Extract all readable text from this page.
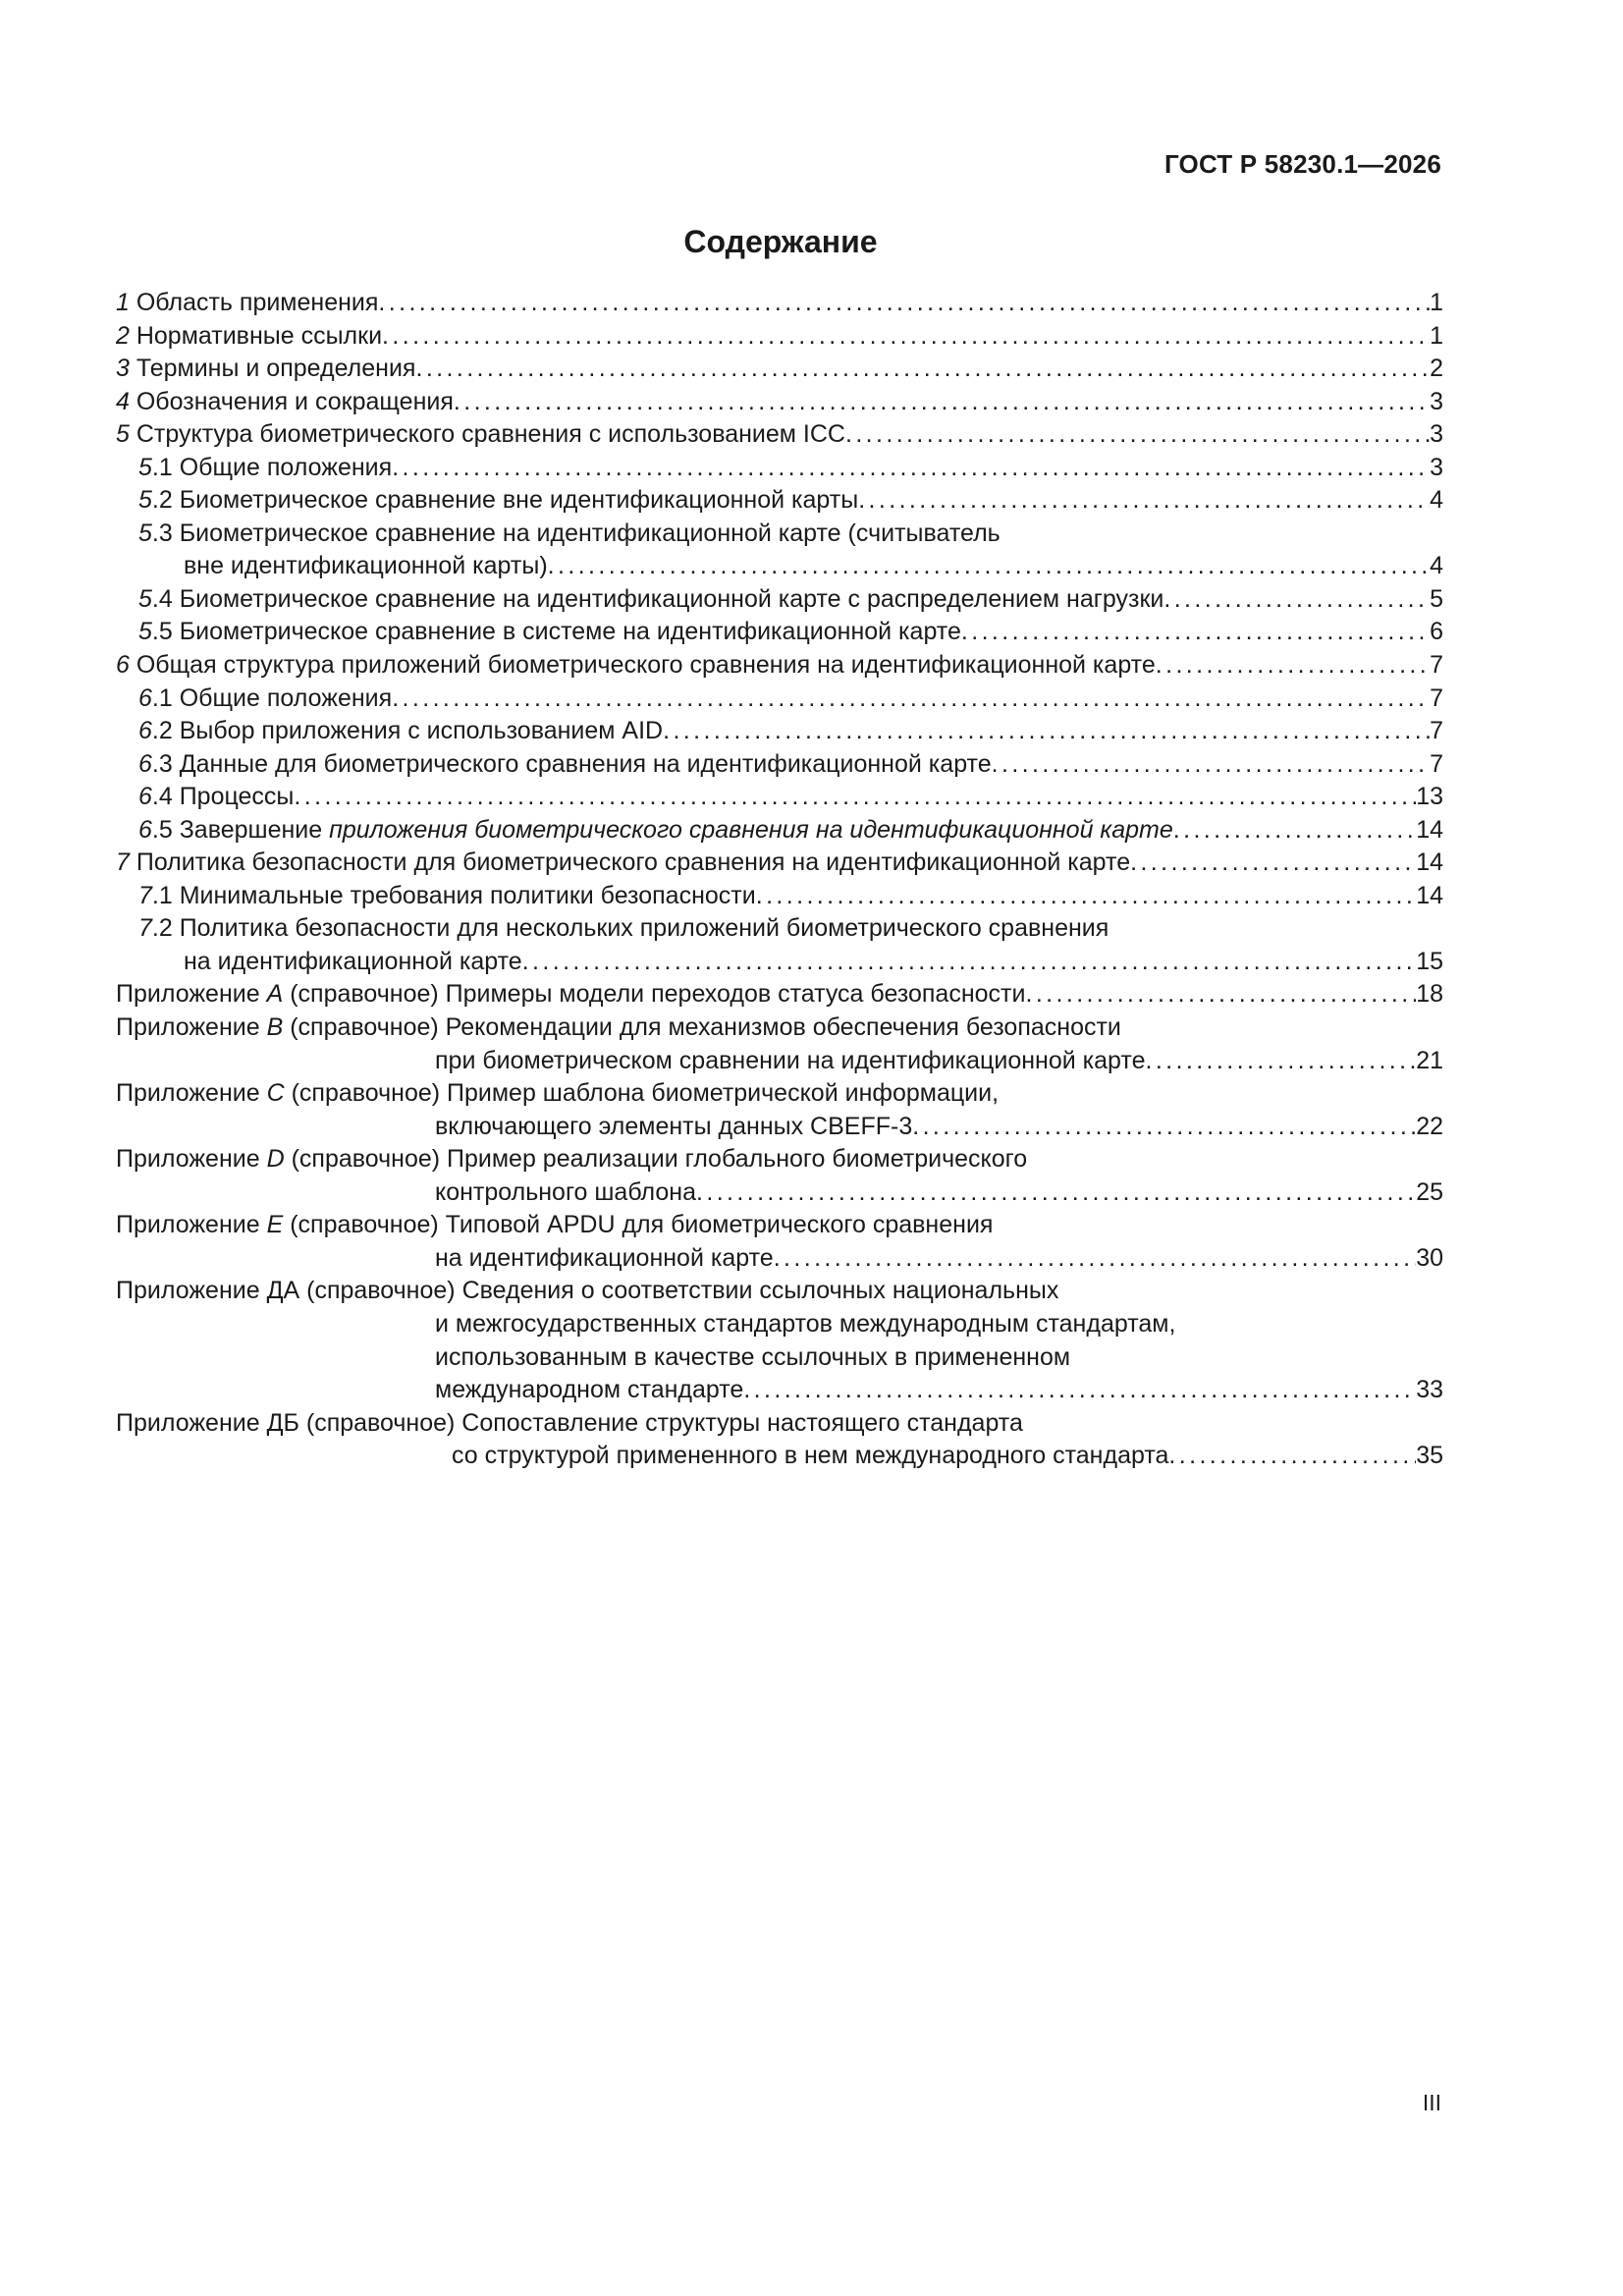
ГОСТ Р 58230.1—2026
Содержание
1 Область применения .....	1
2 Нормативные ссылки .....	1
3 Термины и определения .....	2
4 Обозначения и сокращения .....	3
5 Структура биометрического сравнения с использованием ICC .....	3
5.1 Общие положения .....	3
5.2 Биометрическое сравнение вне идентификационной карты .....	4
5.3 Биометрическое сравнение на идентификационной карте (считыватель
вне идентификационной карты) .....	4
5.4 Биометрическое сравнение на идентификационной карте с распределением нагрузки .....	5
5.5 Биометрическое сравнение в системе на идентификационной карте .....	6
6 Общая структура приложений биометрического сравнения на идентификационной карте .....	7
6.1 Общие положения .....	7
6.2 Выбор приложения с использованием AID .....	7
6.3 Данные для биометрического сравнения на идентификационной карте .....	7
6.4 Процессы .....	13
6.5 Завершение приложения биометрического сравнения на идентификационной карте .....	14
7 Политика безопасности для биометрического сравнения на идентификационной карте .....	14
7.1 Минимальные требования политики безопасности .....	14
7.2 Политика безопасности для нескольких приложений биометрического сравнения
на идентификационной карте .....	15
Приложение A (справочное) Примеры модели переходов статуса безопасности .....	18
Приложение B (справочное) Рекомендации для механизмов обеспечения безопасности
при биометрическом сравнении на идентификационной карте .....	21
Приложение C (справочное) Пример шаблона биометрической информации,
включающего элементы данных CBEFF-3 .....	22
Приложение D (справочное) Пример реализации глобального биометрического
контрольного шаблона .....	25
Приложение E (справочное) Типовой APDU для биометрического сравнения
на идентификационной карте .....	30
Приложение ДА (справочное) Сведения о соответствии ссылочных национальных
и межгосударственных стандартов международным стандартам,
использованным в качестве ссылочных в примененном
международном стандарте .....	33
Приложение ДБ (справочное) Сопоставление структуры настоящего стандарта
со структурой примененного в нем международного стандарта .....	35
III
